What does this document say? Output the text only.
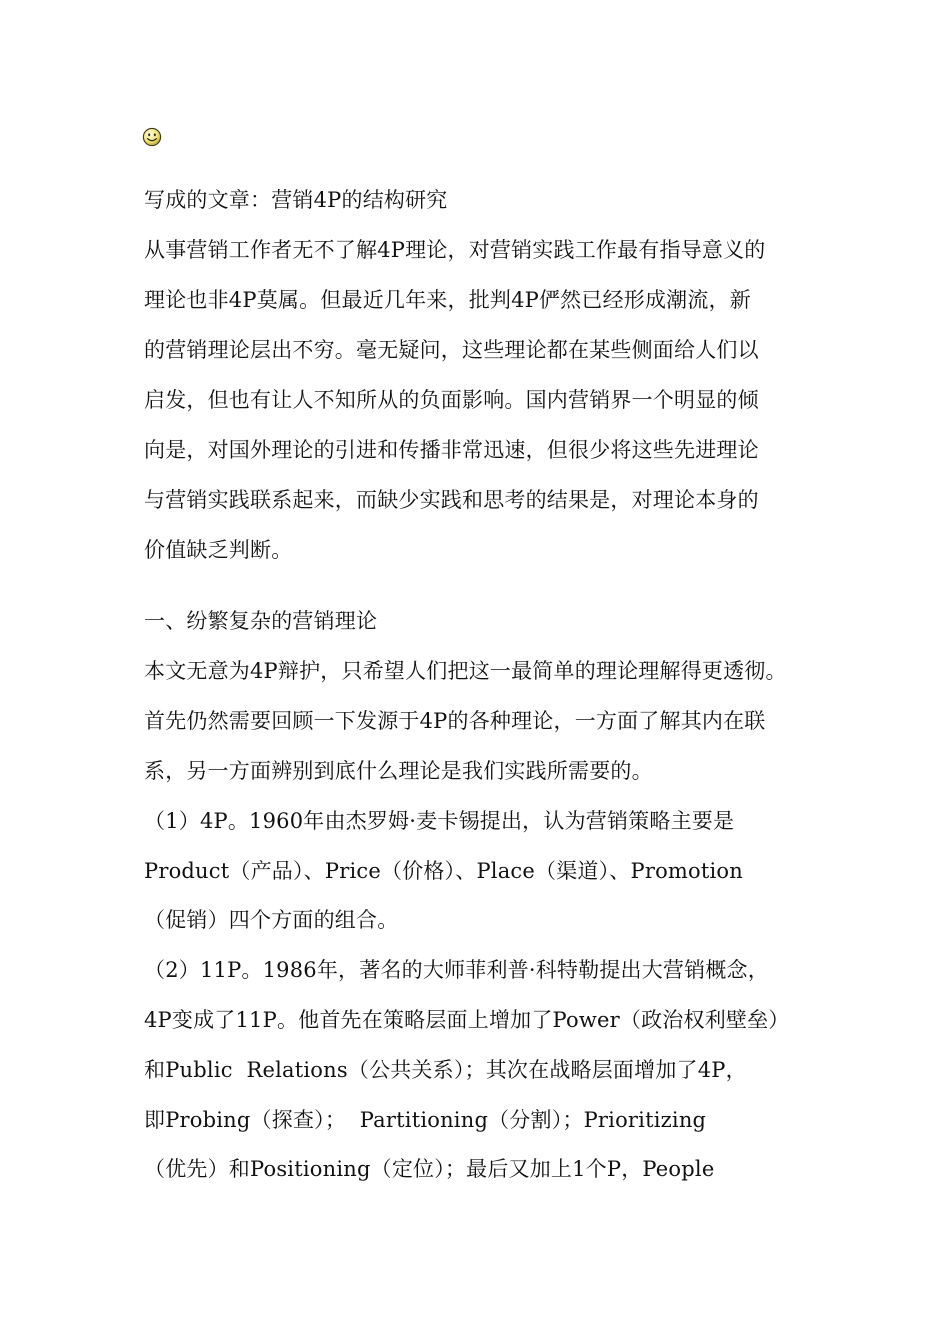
写成的文章：营销4P的结构研究
从事营销工作者无不了解4P理论，对营销实践工作最有指导意义的
理论也非4P莫属。但最近几年来，批判4P俨然已经形成潮流，新
的营销理论层出不穷。毫无疑问，这些理论都在某些侧面给人们以
启发，但也有让人不知所从的负面影响。国内营销界一个明显的倾
向是，对国外理论的引进和传播非常迅速，但很少将这些先进理论
与营销实践联系起来，而缺少实践和思考的结果是，对理论本身的
价值缺乏判断。
一、纷繁复杂的营销理论
本文无意为4P辩护，只希望人们把这一最简单的理论理解得更透彻。
首先仍然需要回顾一下发源于4P的各种理论，一方面了解其内在联
系，另一方面辨别到底什么理论是我们实践所需要的。
（1）4P。1960年由杰罗姆·麦卡锡提出，认为营销策略主要是
Product（产品）、Price（价格）、Place（渠道）、Promotion
（促销）四个方面的组合。
（2）11P。1986年，著名的大师菲利普·科特勒提出大营销概念，
4P变成了11P。他首先在策略层面上增加了Power（政治权利壁垒）
和Public  Relations（公共关系）；其次在战略层面增加了4P，
即Probing（探查）；  Partitioning（分割）；Prioritizing
（优先）和Positioning（定位）；最后又加上1个P，People
